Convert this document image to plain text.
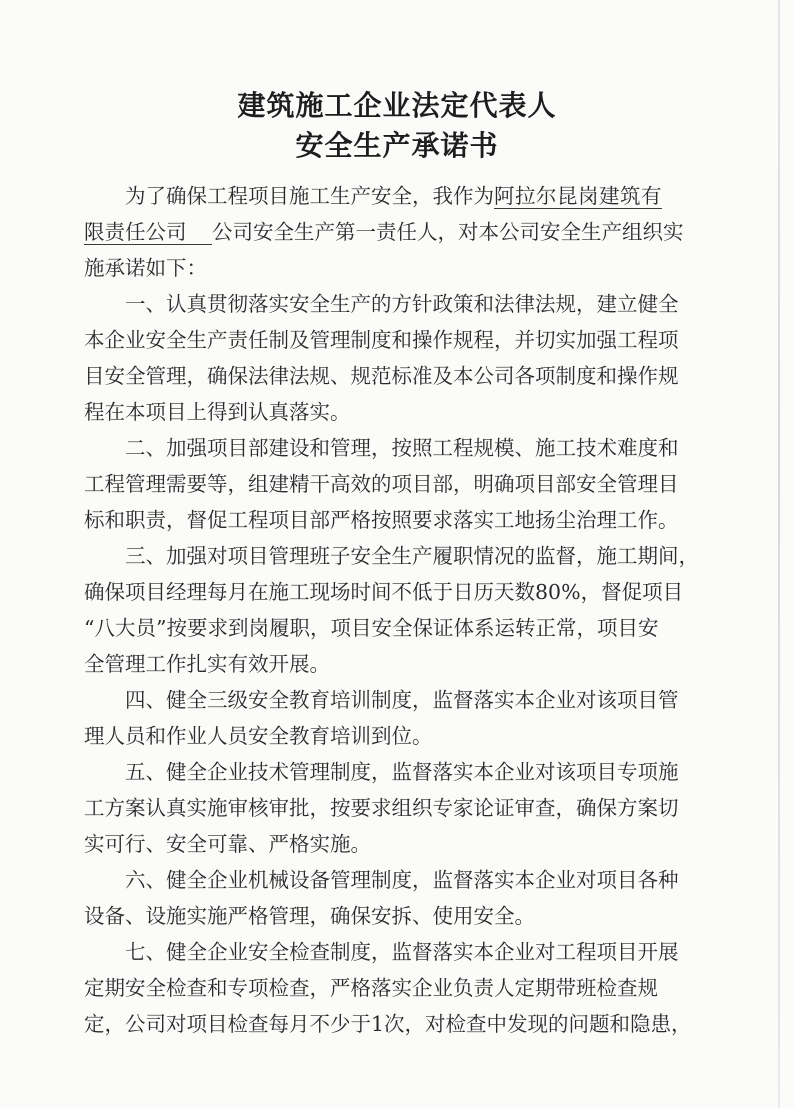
建筑施工企业法定代表人
安全生产承诺书
为了确保工程项目施工生产安全，我作为阿拉尔昆岗建筑有
限责任公司 公司安全生产第一责任人，对本公司安全生产组织实
施承诺如下：
一、认真贯彻落实安全生产的方针政策和法律法规，建立健全
本企业安全生产责任制及管理制度和操作规程，并切实加强工程项
目安全管理，确保法律法规、规范标准及本公司各项制度和操作规
程在本项目上得到认真落实。
二、加强项目部建设和管理，按照工程规模、施工技术难度和
工程管理需要等，组建精干高效的项目部，明确项目部安全管理目
标和职责，督促工程项目部严格按照要求落实工地扬尘治理工作。
三、加强对项目管理班子安全生产履职情况的监督，施工期间，
确保项目经理每月在施工现场时间不低于日历天数80%，督促项目
“八大员”按要求到岗履职，项目安全保证体系运转正常，项目安
全管理工作扎实有效开展。
四、健全三级安全教育培训制度，监督落实本企业对该项目管
理人员和作业人员安全教育培训到位。
五、健全企业技术管理制度，监督落实本企业对该项目专项施
工方案认真实施审核审批，按要求组织专家论证审查，确保方案切
实可行、安全可靠、严格实施。
六、健全企业机械设备管理制度，监督落实本企业对项目各种
设备、设施实施严格管理，确保安拆、使用安全。
七、健全企业安全检查制度，监督落实本企业对工程项目开展
定期安全检查和专项检查，严格落实企业负责人定期带班检查规
定，公司对项目检查每月不少于1次，对检查中发现的问题和隐患，
